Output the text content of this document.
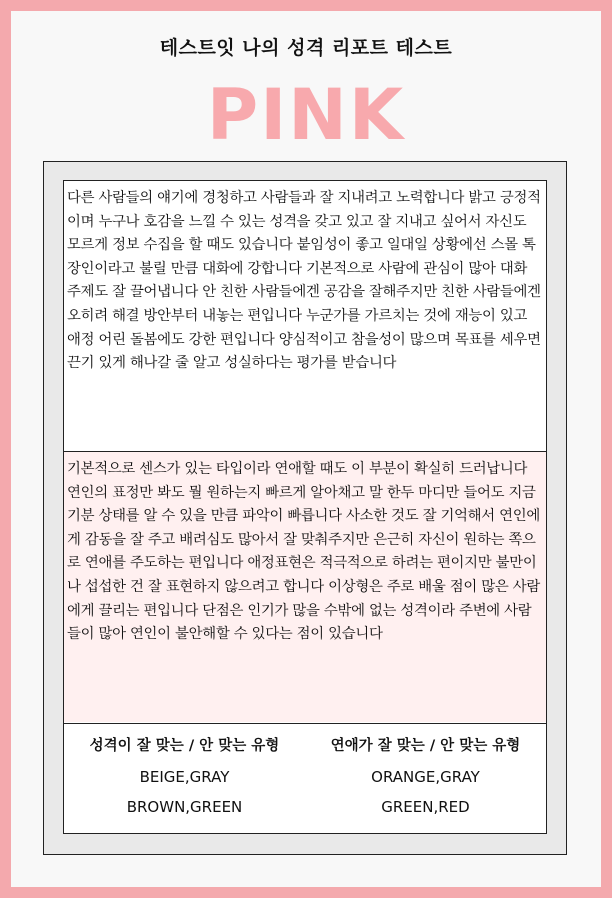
테스트잇 나의 성격 리포트 테스트
PINK
다른 사람들의 얘기에 경청하고 사람들과 잘 지내려고 노력합니다 밝고 긍정적이며 누구나 호감을 느낄 수 있는 성격을 갖고 있고 잘 지내고 싶어서 자신도 모르게 정보 수집을 할 때도 있습니다 붙임성이 좋고 일대일 상황에선 스몰 톡 장인이라고 불릴 만큼 대화에 강합니다 기본적으로 사람에 관심이 많아 대화 주제도 잘 끌어냅니다 안 친한 사람들에겐 공감을 잘해주지만 친한 사람들에겐 오히려 해결 방안부터 내놓는 편입니다 누군가를 가르치는 것에 재능이 있고 애정 어린 돌봄에도 강한 편입니다 양심적이고 참을성이 많으며 목표를 세우면 끈기 있게 해나갈 줄 알고 성실하다는 평가를 받습니다
기본적으로 센스가 있는 타입이라 연애할 때도 이 부분이 확실히 드러납니다 연인의 표정만 봐도 뭘 원하는지 빠르게 알아채고 말 한두 마디만 들어도 지금 기분 상태를 알 수 있을 만큼 파악이 빠릅니다 사소한 것도 잘 기억해서 연인에게 감동을 잘 주고 배려심도 많아서 잘 맞춰주지만 은근히 자신이 원하는 쪽으로 연애를 주도하는 편입니다 애정표현은 적극적으로 하려는 편이지만 불만이나 섭섭한 건 잘 표현하지 않으려고 합니다 이상형은 주로 배울 점이 많은 사람에게 끌리는 편입니다 단점은 인기가 많을 수밖에 없는 성격이라 주변에 사람들이 많아 연인이 불안해할 수 있다는 점이 있습니다
성격이 잘 맞는 / 안 맞는 유형
BEIGE,GRAY
BROWN,GREEN
연애가 잘 맞는 / 안 맞는 유형
ORANGE,GRAY
GREEN,RED
